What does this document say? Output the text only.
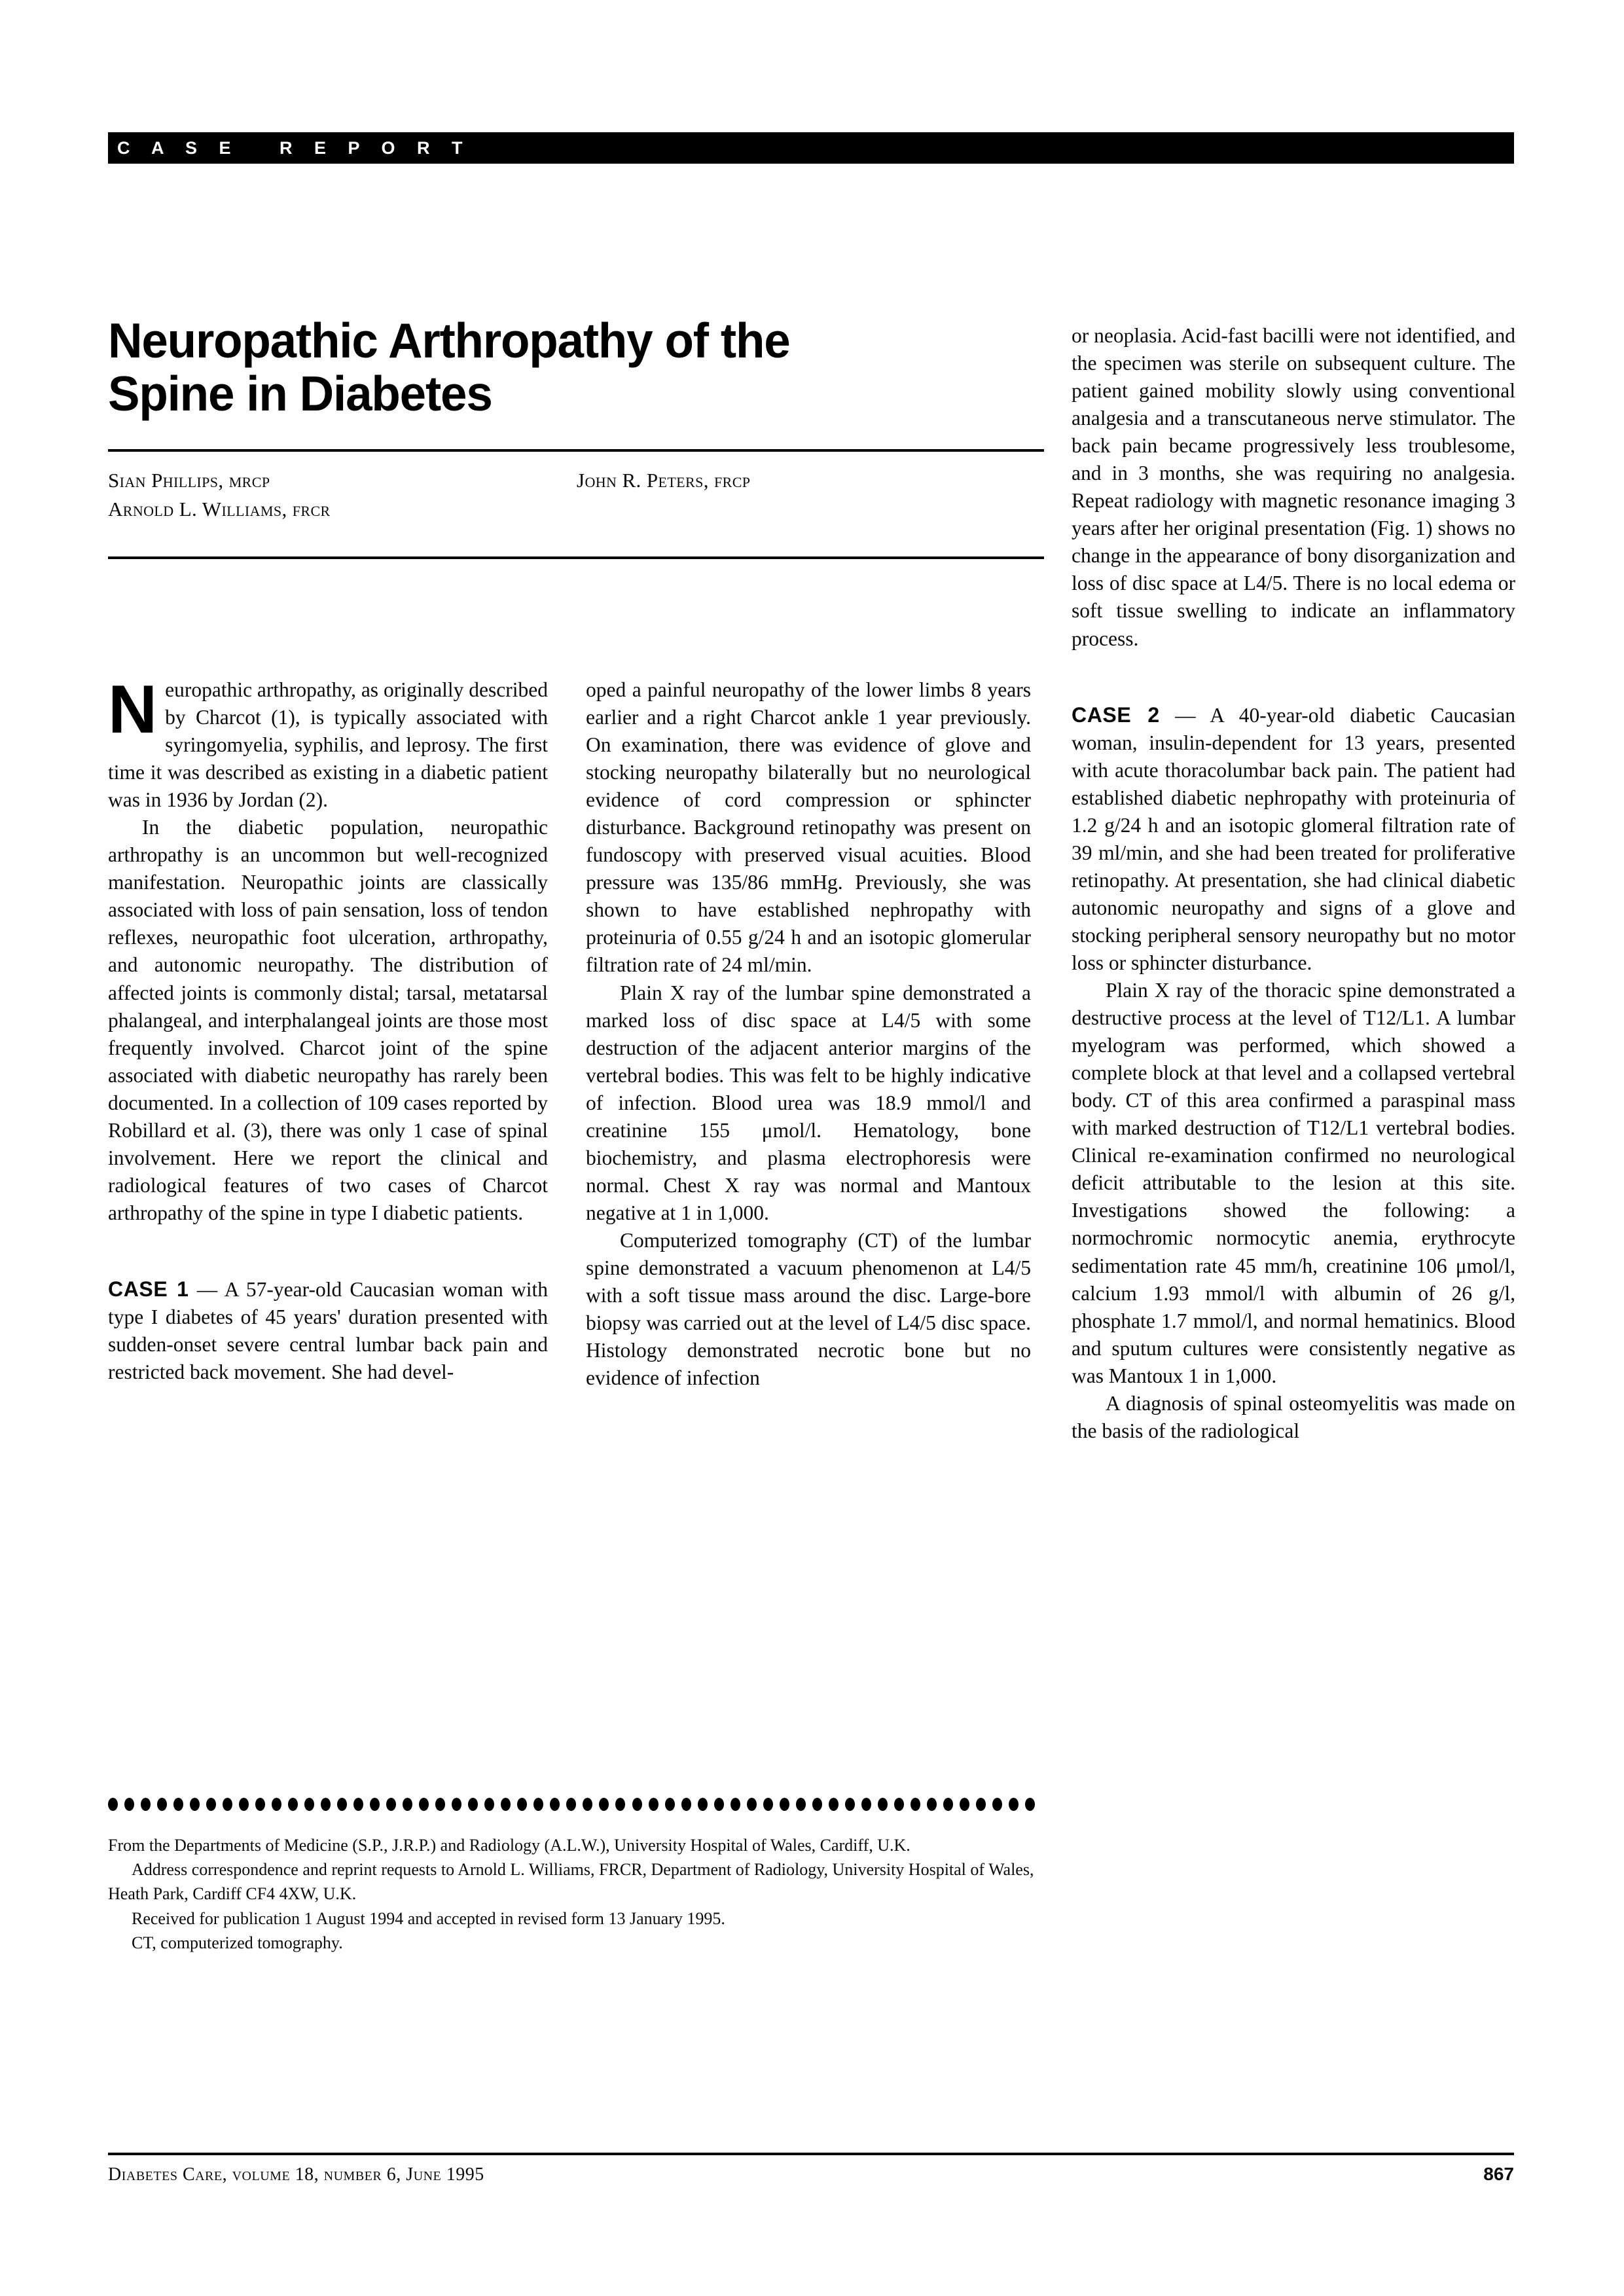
C A S E   R E P O R T
Neuropathic Arthropathy of the Spine in Diabetes
Sian Phillips, mrcp
Arnold L. Williams, frcr
John R. Peters, frcp

Neuropathic arthropathy, as originally described by Charcot (1), is typically associated with syringomyelia, syphilis, and leprosy. The first time it was described as existing in a diabetic patient was in 1936 by Jordan (2).

In the diabetic population, neuropathic arthropathy is an uncommon but well-recognized manifestation. Neuropathic joints are classically associated with loss of pain sensation, loss of tendon reflexes, neuropathic foot ulceration, arthropathy, and autonomic neuropathy. The distribution of affected joints is commonly distal; tarsal, metatarsal phalangeal, and interphalangeal joints are those most frequently involved. Charcot joint of the spine associated with diabetic neuropathy has rarely been documented. In a collection of 109 cases reported by Robillard et al. (3), there was only 1 case of spinal involvement. Here we report the clinical and radiological features of two cases of Charcot arthropathy of the spine in type I diabetic patients.

CASE 1 — A 57-year-old Caucasian woman with type I diabetes of 45 years' duration presented with sudden-onset severe central lumbar back pain and restricted back movement. She had devel-

oped a painful neuropathy of the lower limbs 8 years earlier and a right Charcot ankle 1 year previously. On examination, there was evidence of glove and stocking neuropathy bilaterally but no neurological evidence of cord compression or sphincter disturbance. Background retinopathy was present on fundoscopy with preserved visual acuities. Blood pressure was 135/86 mmHg. Previously, she was shown to have established nephropathy with proteinuria of 0.55 g/24 h and an isotopic glomerular filtration rate of 24 ml/min.

Plain X ray of the lumbar spine demonstrated a marked loss of disc space at L4/5 with some destruction of the adjacent anterior margins of the vertebral bodies. This was felt to be highly indicative of infection. Blood urea was 18.9 mmol/l and creatinine 155 μmol/l. Hematology, bone biochemistry, and plasma electrophoresis were normal. Chest X ray was normal and Mantoux negative at 1 in 1,000.

Computerized tomography (CT) of the lumbar spine demonstrated a vacuum phenomenon at L4/5 with a soft tissue mass around the disc. Large-bore biopsy was carried out at the level of L4/5 disc space. Histology demonstrated necrotic bone but no evidence of infection

or neoplasia. Acid-fast bacilli were not identified, and the specimen was sterile on subsequent culture. The patient gained mobility slowly using conventional analgesia and a transcutaneous nerve stimulator. The back pain became progressively less troublesome, and in 3 months, she was requiring no analgesia. Repeat radiology with magnetic resonance imaging 3 years after her original presentation (Fig. 1) shows no change in the appearance of bony disorganization and loss of disc space at L4/5. There is no local edema or soft tissue swelling to indicate an inflammatory process.

CASE 2 — A 40-year-old diabetic Caucasian woman, insulin-dependent for 13 years, presented with acute thoracolumbar back pain. The patient had established diabetic nephropathy with proteinuria of 1.2 g/24 h and an isotopic glomeral filtration rate of 39 ml/min, and she had been treated for proliferative retinopathy. At presentation, she had clinical diabetic autonomic neuropathy and signs of a glove and stocking peripheral sensory neuropathy but no motor loss or sphincter disturbance.

Plain X ray of the thoracic spine demonstrated a destructive process at the level of T12/L1. A lumbar myelogram was performed, which showed a complete block at that level and a collapsed vertebral body. CT of this area confirmed a paraspinal mass with marked destruction of T12/L1 vertebral bodies. Clinical re-examination confirmed no neurological deficit attributable to the lesion at this site. Investigations showed the following: a normochromic normocytic anemia, erythrocyte sedimentation rate 45 mm/h, creatinine 106 μmol/l, calcium 1.93 mmol/l with albumin of 26 g/l, phosphate 1.7 mmol/l, and normal hematinics. Blood and sputum cultures were consistently negative as was Mantoux 1 in 1,000.

A diagnosis of spinal osteomyelitis was made on the basis of the radiological

From the Departments of Medicine (S.P., J.R.P.) and Radiology (A.L.W.), University Hospital of Wales, Cardiff, U.K.

Address correspondence and reprint requests to Arnold L. Williams, FRCR, Department of Radiology, University Hospital of Wales, Heath Park, Cardiff CF4 4XW, U.K.

Received for publication 1 August 1994 and accepted in revised form 13 January 1995.

CT, computerized tomography.

Diabetes Care, volume 18, number 6, June 1995	867
